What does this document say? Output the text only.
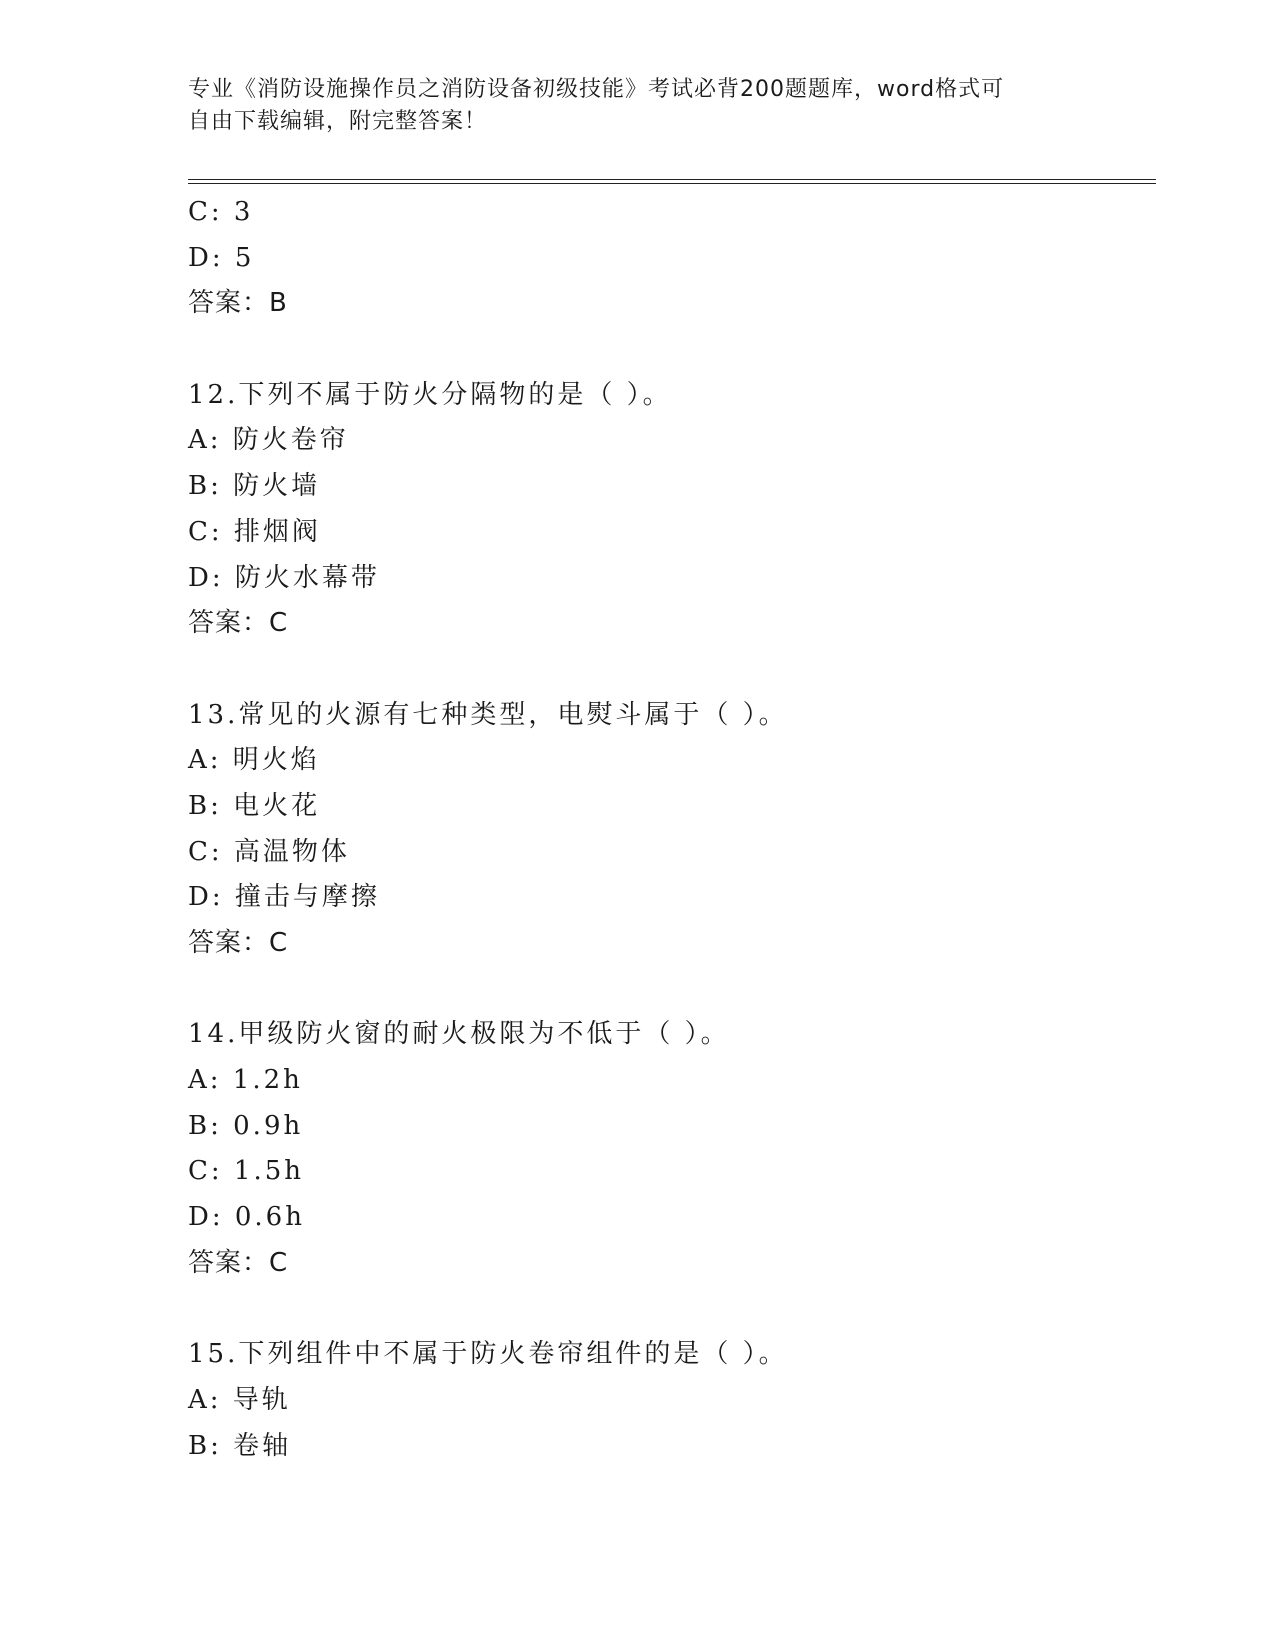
专业《消防设施操作员之消防设备初级技能》考试必背200题题库，word格式可
自由下载编辑，附完整答案！
C: 3
D: 5
答案：B
12.下列不属于防火分隔物的是（ ）。
A: 防火卷帘
B: 防火墙
C: 排烟阀
D: 防火水幕带
答案：C
13.常见的火源有七种类型，电熨斗属于（ ）。
A: 明火焰
B: 电火花
C: 高温物体
D: 撞击与摩擦
答案：C
14.甲级防火窗的耐火极限为不低于（ ）。
A: 1.2h
B: 0.9h
C: 1.5h
D: 0.6h
答案：C
15.下列组件中不属于防火卷帘组件的是（ ）。
A: 导轨
B: 卷轴
